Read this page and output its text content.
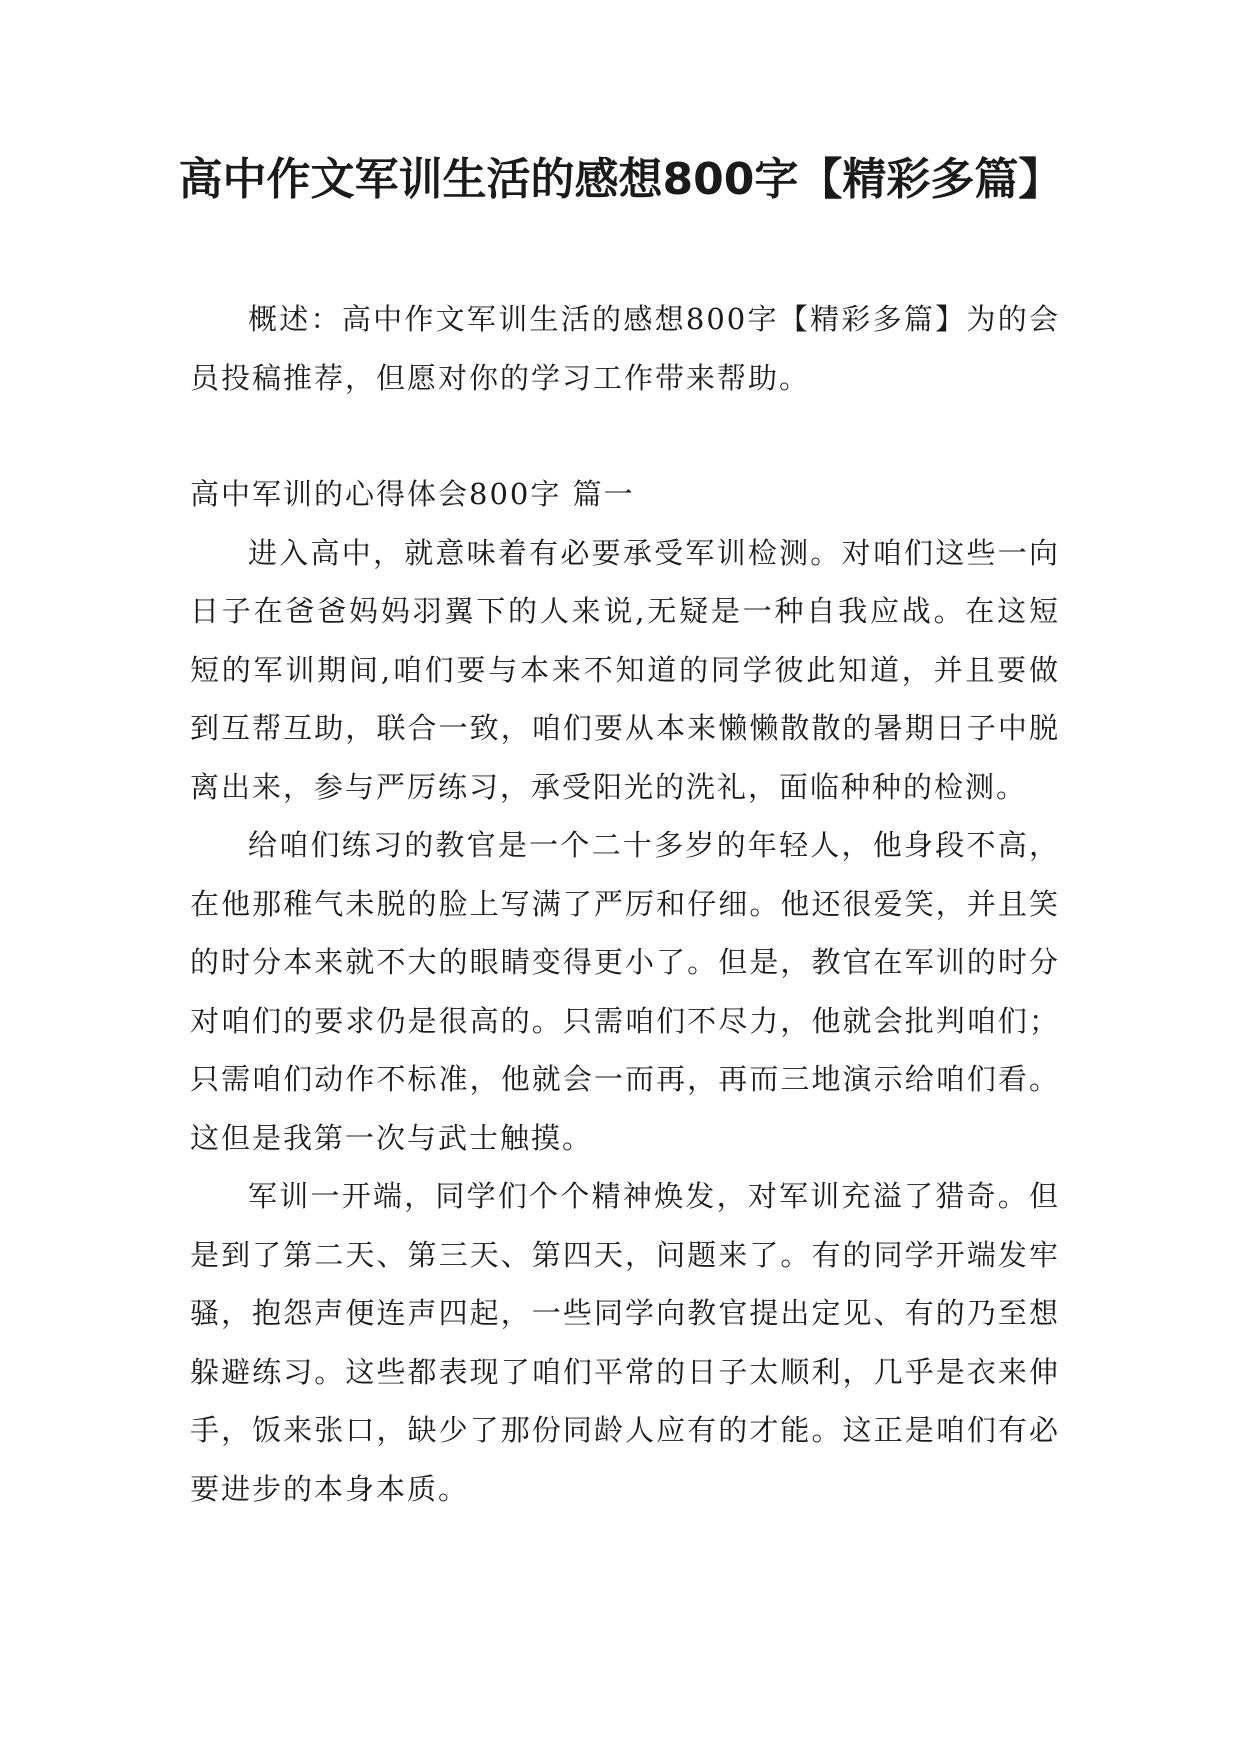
高中作文军训生活的感想800字【精彩多篇】

概述：高中作文军训生活的感想800字【精彩多篇】为的会员投稿推荐，但愿对你的学习工作带来帮助。

高中军训的心得体会800字 篇一

进入高中，就意味着有必要承受军训检测。对咱们这些一向日子在爸爸妈妈羽翼下的人来说,无疑是一种自我应战。在这短短的军训期间,咱们要与本来不知道的同学彼此知道，并且要做到互帮互助，联合一致，咱们要从本来懒懒散散的暑期日子中脱离出来，参与严厉练习，承受阳光的洗礼，面临种种的检测。

给咱们练习的教官是一个二十多岁的年轻人，他身段不高，在他那稚气未脱的脸上写满了严厉和仔细。他还很爱笑，并且笑的时分本来就不大的眼睛变得更小了。但是，教官在军训的时分对咱们的要求仍是很高的。只需咱们不尽力，他就会批判咱们；只需咱们动作不标准，他就会一而再，再而三地演示给咱们看。这但是我第一次与武士触摸。

军训一开端，同学们个个精神焕发，对军训充溢了猎奇。但是到了第二天、第三天、第四天，问题来了。有的同学开端发牢骚，抱怨声便连声四起，一些同学向教官提出定见、有的乃至想躲避练习。这些都表现了咱们平常的日子太顺利，几乎是衣来伸手，饭来张口，缺少了那份同龄人应有的才能。这正是咱们有必要进步的本身本质。
